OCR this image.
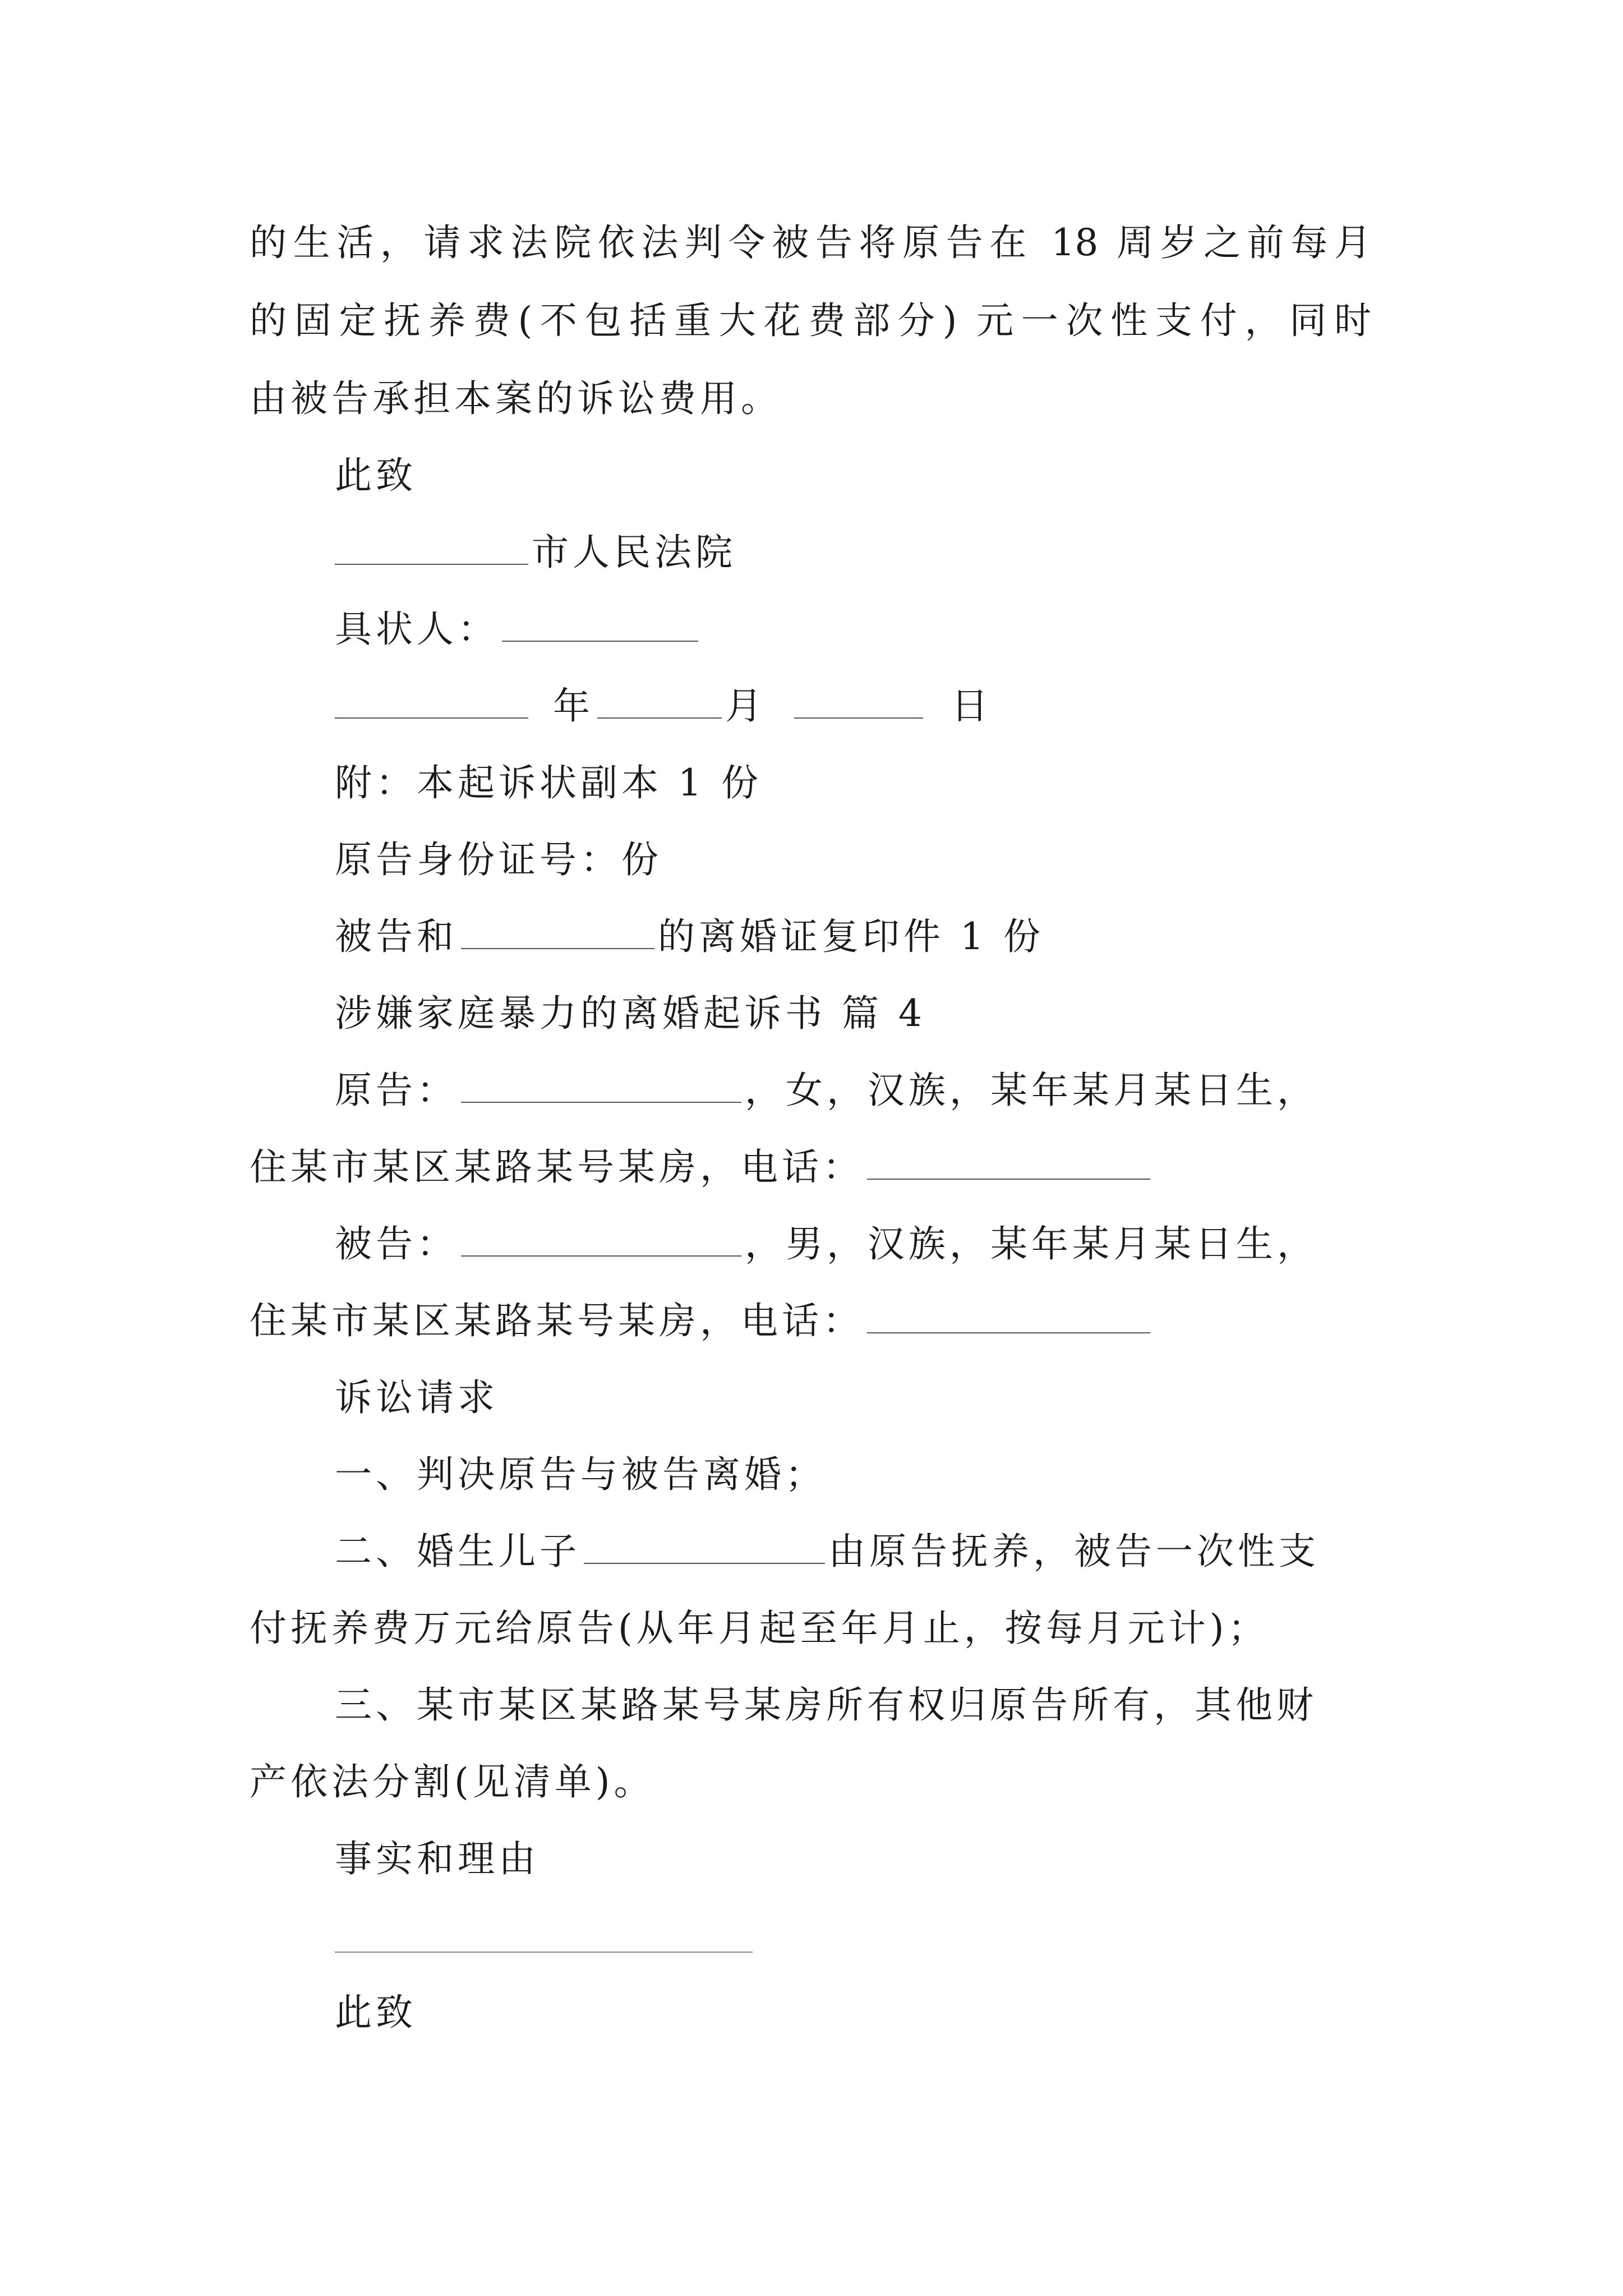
的生活，请求法院依法判令被告将原告在 18 周岁之前每月
的固定抚养费(不包括重大花费部分) 元一次性支付，同时
由被告承担本案的诉讼费用。
此致
市人民法院
具状人：
年	月	日
附：本起诉状副本 1 份
原告身份证号：份
被告和	的离婚证复印件 1 份
涉嫌家庭暴力的离婚起诉书 篇 4
原告：	，女，汉族，某年某月某日生，
住某市某区某路某号某房，电话：
被告：	，男，汉族，某年某月某日生，
住某市某区某路某号某房，电话：
诉讼请求
一、判决原告与被告离婚；
二、婚生儿子	由原告抚养，被告一次性支
付抚养费万元给原告(从年月起至年月止，按每月元计)；
三、某市某区某路某号某房所有权归原告所有，其他财
产依法分割(见清单)。
事实和理由
此致
